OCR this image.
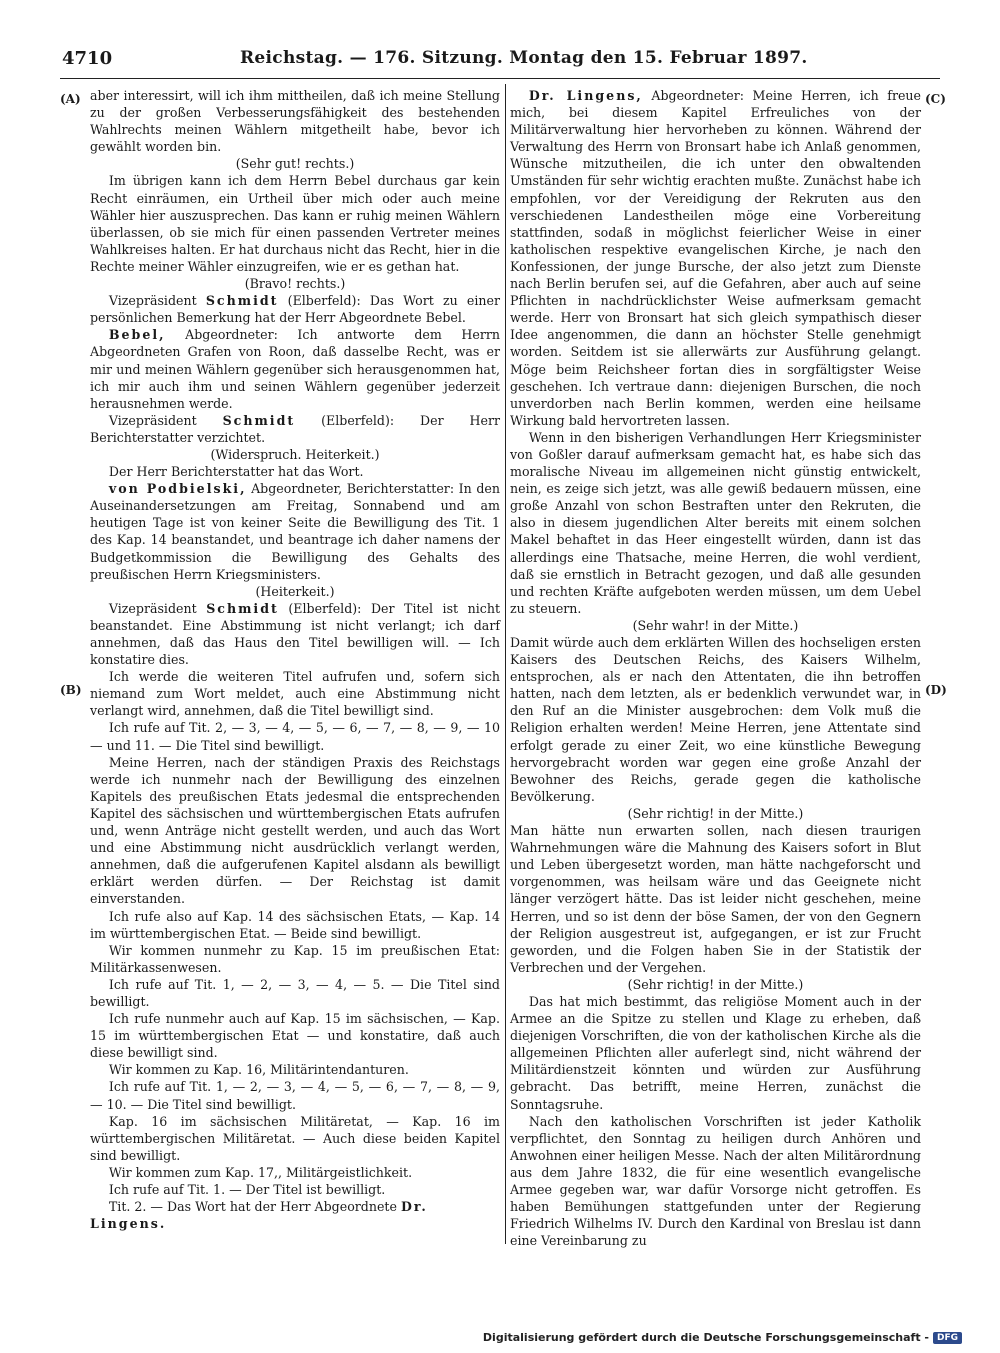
4710	Reichstag. — 176. Sitzung. Montag den 15. Februar 1897.
(A)
(B)
(C)
(D)

aber interessirt, will ich ihm mittheilen, daß ich meine Stellung zu der großen Verbesserungsfähigkeit des bestehenden Wahlrechts meinen Wählern mitgetheilt habe, bevor ich gewählt worden bin.

(Sehr gut! rechts.)

Im übrigen kann ich dem Herrn Bebel durchaus gar kein Recht einräumen, ein Urtheil über mich oder auch meine Wähler hier auszusprechen. Das kann er ruhig meinen Wählern überlassen, ob sie mich für einen passenden Vertreter meines Wahlkreises halten. Er hat durchaus nicht das Recht, hier in die Rechte meiner Wähler einzugreifen, wie er es gethan hat.

(Bravo! rechts.)

Vizepräsident Schmidt (Elberfeld): Das Wort zu einer persönlichen Bemerkung hat der Herr Abgeordnete Bebel.

Bebel, Abgeordneter: Ich antworte dem Herrn Abgeordneten Grafen von Roon, daß dasselbe Recht, was er mir und meinen Wählern gegenüber sich herausgenommen hat, ich mir auch ihm und seinen Wählern gegenüber jederzeit herausnehmen werde.

Vizepräsident Schmidt (Elberfeld): Der Herr Berichterstatter verzichtet.

(Widerspruch. Heiterkeit.)

Der Herr Berichterstatter hat das Wort.

von Podbielski, Abgeordneter, Berichterstatter: In den Auseinandersetzungen am Freitag, Sonnabend und am heutigen Tage ist von keiner Seite die Bewilligung des Tit. 1 des Kap. 14 beanstandet, und beantrage ich daher namens der Budgetkommission die Bewilligung des Gehalts des preußischen Herrn Kriegsministers.

(Heiterkeit.)

Vizepräsident Schmidt (Elberfeld): Der Titel ist nicht beanstandet. Eine Abstimmung ist nicht verlangt; ich darf annehmen, daß das Haus den Titel bewilligen will. — Ich konstatire dies.

Ich werde die weiteren Titel aufrufen und, sofern sich niemand zum Wort meldet, auch eine Abstimmung nicht verlangt wird, annehmen, daß die Titel bewilligt sind.

Ich rufe auf Tit. 2, — 3, — 4, — 5, — 6, — 7, — 8, — 9, — 10 — und 11. — Die Titel sind bewilligt.

Meine Herren, nach der ständigen Praxis des Reichstags werde ich nunmehr nach der Bewilligung des einzelnen Kapitels des preußischen Etats jedesmal die entsprechenden Kapitel des sächsischen und württembergischen Etats aufrufen und, wenn Anträge nicht gestellt werden, und auch das Wort und eine Abstimmung nicht ausdrücklich verlangt werden, annehmen, daß die aufgerufenen Kapitel alsdann als bewilligt erklärt werden dürfen. — Der Reichstag ist damit einverstanden.

Ich rufe also auf Kap. 14 des sächsischen Etats, — Kap. 14 im württembergischen Etat. — Beide sind bewilligt.

Wir kommen nunmehr zu Kap. 15 im preußischen Etat: Militärkassenwesen.

Ich rufe auf Tit. 1, — 2, — 3, — 4, — 5. — Die Titel sind bewilligt.

Ich rufe nunmehr auch auf Kap. 15 im sächsischen, — Kap. 15 im württembergischen Etat — und konstatire, daß auch diese bewilligt sind.

Wir kommen zu Kap. 16, Militärintendanturen.

Ich rufe auf Tit. 1, — 2, — 3, — 4, — 5, — 6, — 7, — 8, — 9, — 10. — Die Titel sind bewilligt.

Kap. 16 im sächsischen Militäretat, — Kap. 16 im württembergischen Militäretat. — Auch diese beiden Kapitel sind bewilligt.

Wir kommen zum Kap. 17,, Militärgeistlichkeit.

Ich rufe auf Tit. 1. — Der Titel ist bewilligt.

Tit. 2. — Das Wort hat der Herr Abgeordnete Dr. Lingens.

Dr. Lingens, Abgeordneter: Meine Herren, ich freue mich, bei diesem Kapitel Erfreuliches von der Militärverwaltung hier hervorheben zu können. Während der Verwaltung des Herrn von Bronsart habe ich Anlaß genommen, Wünsche mitzutheilen, die ich unter den obwaltenden Umständen für sehr wichtig erachten mußte. Zunächst habe ich empfohlen, vor der Vereidigung der Rekruten aus den verschiedenen Landestheilen möge eine Vorbereitung stattfinden, sodaß in möglichst feierlicher Weise in einer katholischen respektive evangelischen Kirche, je nach den Konfessionen, der junge Bursche, der also jetzt zum Dienste nach Berlin berufen sei, auf die Gefahren, aber auch auf seine Pflichten in nachdrücklichster Weise aufmerksam gemacht werde. Herr von Bronsart hat sich gleich sympathisch dieser Idee angenommen, die dann an höchster Stelle genehmigt worden. Seitdem ist sie allerwärts zur Ausführung gelangt. Möge beim Reichsheer fortan dies in sorgfältigster Weise geschehen. Ich vertraue dann: diejenigen Burschen, die noch unverdorben nach Berlin kommen, werden eine heilsame Wirkung bald hervortreten lassen.

Wenn in den bisherigen Verhandlungen Herr Kriegsminister von Goßler darauf aufmerksam gemacht hat, es habe sich das moralische Niveau im allgemeinen nicht günstig entwickelt, nein, es zeige sich jetzt, was alle gewiß bedauern müssen, eine große Anzahl von schon Bestraften unter den Rekruten, die also in diesem jugendlichen Alter bereits mit einem solchen Makel behaftet in das Heer eingestellt würden, dann ist das allerdings eine Thatsache, meine Herren, die wohl verdient, daß sie ernstlich in Betracht gezogen, und daß alle gesunden und rechten Kräfte aufgeboten werden müssen, um dem Uebel zu steuern.

(Sehr wahr! in der Mitte.)

Damit würde auch dem erklärten Willen des hochseligen ersten Kaisers des Deutschen Reichs, des Kaisers Wilhelm, entsprochen, als er nach den Attentaten, die ihn betroffen hatten, nach dem letzten, als er bedenklich verwundet war, in den Ruf an die Minister ausgebrochen: dem Volk muß die Religion erhalten werden! Meine Herren, jene Attentate sind erfolgt gerade zu einer Zeit, wo eine künstliche Bewegung hervorgebracht worden war gegen eine große Anzahl der Bewohner des Reichs, gerade gegen die katholische Bevölkerung.

(Sehr richtig! in der Mitte.)

Man hätte nun erwarten sollen, nach diesen traurigen Wahrnehmungen wäre die Mahnung des Kaisers sofort in Blut und Leben übergesetzt worden, man hätte nachgeforscht und vorgenommen, was heilsam wäre und das Geeignete nicht länger verzögert hätte. Das ist leider nicht geschehen, meine Herren, und so ist denn der böse Samen, der von den Gegnern der Religion ausgestreut ist, aufgegangen, er ist zur Frucht geworden, und die Folgen haben Sie in der Statistik der Verbrechen und der Vergehen.

(Sehr richtig! in der Mitte.)

Das hat mich bestimmt, das religiöse Moment auch in der Armee an die Spitze zu stellen und Klage zu erheben, daß diejenigen Vorschriften, die von der katholischen Kirche als die allgemeinen Pflichten aller auferlegt sind, nicht während der Militärdienstzeit könnten und würden zur Ausführung gebracht. Das betrifft, meine Herren, zunächst die Sonntagsruhe.

Nach den katholischen Vorschriften ist jeder Katholik verpflichtet, den Sonntag zu heiligen durch Anhören und Anwohnen einer heiligen Messe. Nach der alten Militärordnung aus dem Jahre 1832, die für eine wesentlich evangelische Armee gegeben war, war dafür Vorsorge nicht getroffen. Es haben Bemühungen stattgefunden unter der Regierung Friedrich Wilhelms IV. Durch den Kardinal von Breslau ist dann eine Vereinbarung zu

Digitalisierung gefördert durch die Deutsche Forschungsgemeinschaft - DFG
